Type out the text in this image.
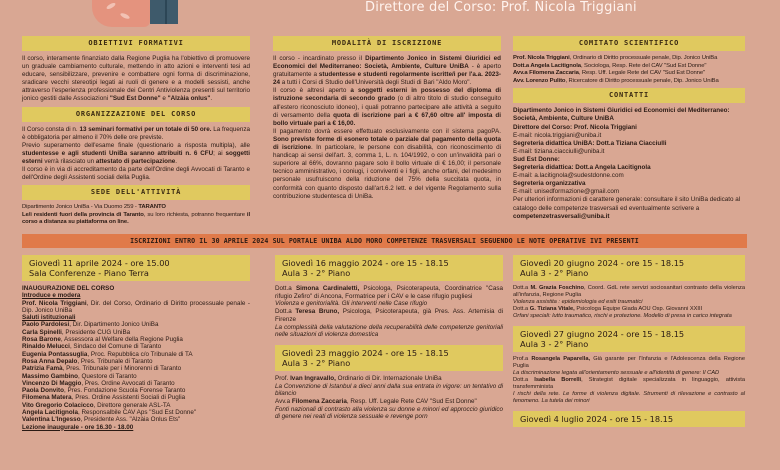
Direttore del Corso: Prof. Nicola Triggiani
OBIETTIVI FORMATIVI
Il corso, interamente finanziato dalla Regione Puglia ha l'obiettivo di promuovere un graduale cambiamento culturale, mettendo in atto azioni e interventi tesi ad educare, sensibilizzare, prevenire e combattere ogni forma di discriminazione, sradicare vecchi stereotipi legati ai ruoli di genere e a modelli sessisti, anche attraverso l'esperienza professionale dei Centri Antiviolenza presenti sul territorio jonico gestiti dalle Associazioni "Sud Est Donne" e "Alzàia onlus".
ORGANIZZAZIONE DEL CORSO
Il Corso consta di n. 13 seminari formativi per un totale di 50 ore. La frequenza è obbligatoria per almeno il 70% delle ore previste.
Previo superamento dell'esame finale (questionario a risposta multipla), alle studentesse e agli studenti UniBa saranno attribuiti n. 6 CFU; ai soggetti esterni verrà rilasciato un attestato di partecipazione.
Il corso è in via di accreditamento da parte dell'Ordine degli Avvocati di Taranto e dell'Ordine degli Assistenti sociali della Puglia.
SEDE DELL'ATTIVITÀ
Dipartimento Jonico UniBa - Via Duomo 259 - TARANTO
Le/i residenti fuori della provincia di Taranto, su loro richiesta, potranno frequentare il corso a distanza su piattaforma on line.
MODALITÀ DI ISCRIZIONE
Il corso - incardinato presso il Dipartimento Jonico in Sistemi Giuridici ed Economici del Mediterraneo: Società, Ambiente, Culture UniBA - è aperto gratuitamente a studentesse e studenti regolarmente iscritte/i per l'a.a. 2023-24 a tutti i Corsi di Studio dell'Università degli Studi di Bari "Aldo Moro".
Il corso è altresì aperto a soggetti esterni in possesso del diploma di istruzione secondaria di secondo grado (o di altro titolo di studio conseguito all'estero riconosciuto idoneo), i quali potranno partecipare alle attività a seguito di versamento della quota di iscrizione pari a € 67,60 oltre all' imposta di bollo virtuale pari a € 16,00.
Il pagamento dovrà essere effettuato esclusivamente con il sistema pagoPA. Sono previste forme di esonero totale o parziale dal pagamento della quota di iscrizione. In particolare, le persone con disabilità, con riconoscimento di handicap ai sensi dell'art. 3, comma 1, L. n. 104/1992, o con un'invalidità pari o superiore al 66%, dovranno pagare solo il bollo virtuale di € 16,00; il personale tecnico amministrativo, i coniugi, i conviventi e i figli, anche orfani, del medesimo personale usufruiscono della riduzione del 75% della succitata quota, in conformità con quanto disposto dall'art.6.2 lett. e del vigente Regolamento sulla contribuzione studentesca di UniBa.
COMITATO SCIENTIFICO
Prof. Nicola Triggiani, Ordinario di Diritto processuale penale, Dip. Jonico UniBa
Dott.a Angela Lacitignola, Sociologa, Resp. Rete del CAV "Sud Est Donne"
Avv.a Filomena Zaccaria, Resp. Uff. Legale Rete del CAV "Sud Est Donne"
Avv. Lorenzo Pulito, Ricercatore di Diritto processuale penale, Dip. Jonico UniBa
CONTATTI
Dipartimento Jonico in Sistemi Giuridici ed Economici del Mediterraneo: Società, Ambiente, Culture UniBA
Direttore del Corso: Prof. Nicola Triggiani
E-mail: nicola.triggiani@uniba.it
Segreteria didattica UniBA: Dott.a Tiziana Ciacciulli
E-mail: tiziana.ciacciulli@uniba.it
Sud Est Donne:
Segreteria didattica: Dott.a Angela Lacitignola
E-mail: a.lacitignola@sudestdonne.com
Segreteria organizzativa
E-mail: unisedformazione@gmail.com
Per ulteriori informazioni di carattere generale: consultare il sito UniBa dedicato al catalogo delle competenze trasversali ed eventualmente scrivere a competenzetrasversali@uniba.it
ISCRIZIONI ENTRO IL 30 APRILE 2024 SUL PORTALE UNIBA ALDO MORO COMPETENZE TRASVERSALI SEGUENDO LE NOTE OPERATIVE IVI PRESENTI
Giovedì 11 aprile 2024 - ore 15.00
Sala Conferenze - Piano Terra
INAUGURAZIONE DEL CORSO
Introduce e modera
Prof. Nicola Triggiani, Dir. del Corso, Ordinario di Diritto processuale penale - Dip. Jonico UniBa
Saluti istituzionali
Paolo Pardolesi, Dir. Dipartimento Jonico UniBa
Carla Spinelli, Presidente CUG UniBa
Rosa Barone, Assessora al Welfare della Regione Puglia
Rinaldo Melucci, Sindaco del Comune di Taranto
Eugenia Pontassuglia, Proc. Repubblica c/o Tribunale di TA
Rosa Anna Depalo, Pres. Tribunale di Taranto
Patrizia Famà, Pres. Tribunale per i Minorenni di Taranto
Massimo Gambino, Questore di Taranto
Vincenzo Di Maggio, Pres. Ordine Avvocati di Taranto
Paola Donvito, Pres. Fondazione Scuola Forense Taranto
Filomena Matera, Pres. Ordine Assistenti Sociali di Puglia
Vito Gregorio Colacicco, Direttore generale ASL-TA
Angela Lacitignola, Responsalbile CAV Aps "Sud Est Donne"
Valentina L'Ingesso, Presidente Ass. "Alzàia Onlus Ets"
Lezione inaugurale - ore 16.30 - 18.00
Giovedì 16 maggio 2024 - ore 15 - 18.15
Aula 3 - 2° Piano
Dott.a Simona Cardinaletti, Psicologa, Psicoterapeuta, Coordinatrice "Casa rifugio Zefiro" di Ancona, Formatrice per i CAV e le case rifugio pugliesi
Violenza e genitorialità. Gli interventi nelle Case rifugio
Dott.a Teresa Bruno, Psicologa, Psicoterapeuta, già Pres. Ass. Artemisia di Firenze
La complessità della valutazione della recuperabilità delle competenze genitoriali nelle situazioni di violenza domestica
Giovedì 23 maggio 2024 - ore 15 - 18.15
Aula 3 - 2° Piano
Prof. Ivan Ingravallo, Ordinario di Dir. Internazionale UniBa
La Convenzione di Istanbul a dieci anni dalla sua entrata in vigore: un tentativo di bilancio
Avv.a Filomena Zaccaria, Resp. Uff. Legale Rete CAV "Sud Est Donne"
Fonti nazionali di contrasto alla violenza su donne e minori ed approccio giuridico di genere nei reati di violenza sessuale e revenge porn
Giovedì 20 giugno 2024 - ore 15 - 18.15
Aula 3 - 2° Piano
Dott.a M. Grazia Foschino, Coord. GdL rete servizi sociosanitari contrasto della violenza all'infanzia, Regione Puglia
Violenza assistita : epidemiologia ed esiti traumatici
Dott.a G. Tiziana Vitale, Psicologa Equipe Giada AOU Osp. Giovanni XXIII
Orfani speciali: lutto traumatico, rischi e protezione. Modello di presa in carico integrata
Giovedì 27 giugno 2024 - ore 15 - 18.15
Aula 3 - 2° Piano
Prof.a Rosangela Paparella, Già garante per l'Infanzia e l'Adolescenza della Regione Puglia
La discriminazione legata all'orientamento sessuale e all'identità di genere: Il CAD
Dott.a Isabella Borrelli, Strategist digitale specializzata in linguaggio, attivista transfemminista
I rischi della rete. Le forme di violenza digitale. Strumenti di rilevazione e contrasto al fenomeno. La tutela dei minori
Giovedì 4 luglio 2024 - ore 15 - 18.15
